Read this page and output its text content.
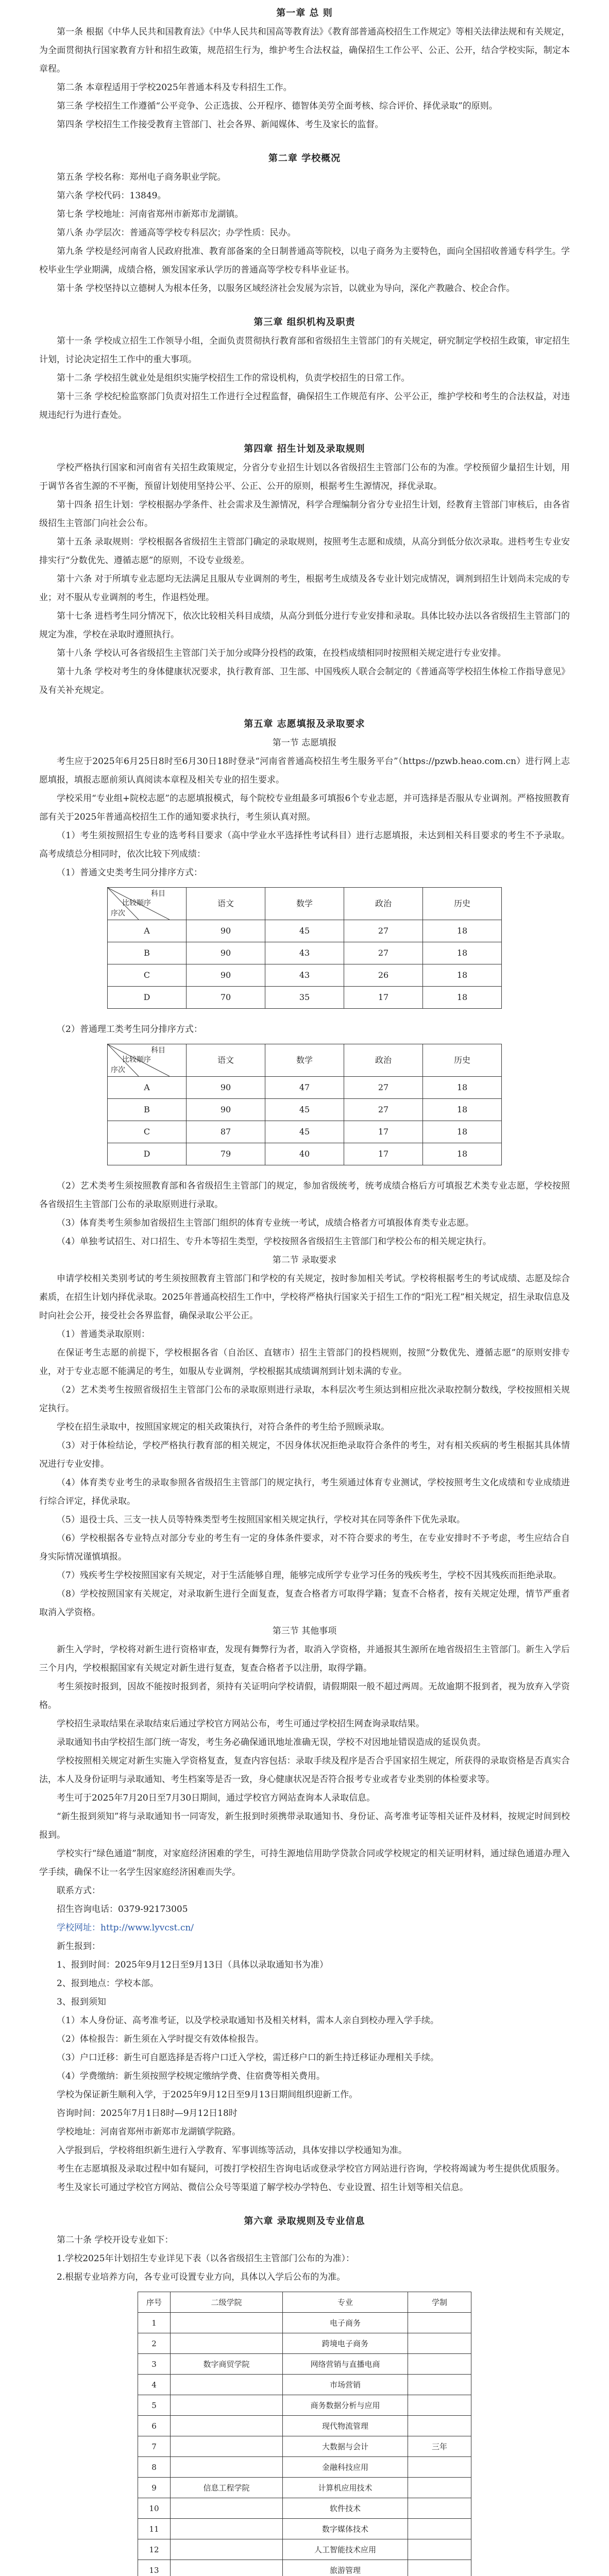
第一章 总 则

第一条 根据《中华人民共和国教育法》《中华人民共和国高等教育法》《教育部普通高校招生工作规定》等相关法律法规和有关规定，为全面贯彻执行国家教育方针和招生政策，规范招生行为，维护考生合法权益，确保招生工作公平、公正、公开，结合学校实际，制定本章程。

第二条 本章程适用于学校2025年普通本科及专科招生工作。

第三条 学校招生工作遵循“公平竞争、公正选拔、公开程序、德智体美劳全面考核、综合评价、择优录取”的原则。

第四条 学校招生工作接受教育主管部门、社会各界、新闻媒体、考生及家长的监督。

第二章 学校概况

第五条 学校名称：郑州电子商务职业学院。

第六条 学校代码：13849。

第七条 学校地址：河南省郑州市新郑市龙湖镇。

第八条 办学层次：普通高等学校专科层次；办学性质：民办。

第九条 学校是经河南省人民政府批准、教育部备案的全日制普通高等院校，以电子商务为主要特色，面向全国招收普通专科学生。学校毕业生学业期满，成绩合格，颁发国家承认学历的普通高等学校专科毕业证书。

第十条 学校坚持以立德树人为根本任务，以服务区域经济社会发展为宗旨，以就业为导向，深化产教融合、校企合作。

第三章 组织机构及职责

第十一条 学校成立招生工作领导小组，全面负责贯彻执行教育部和省级招生主管部门的有关规定，研究制定学校招生政策，审定招生计划，讨论决定招生工作中的重大事项。

第十二条 学校招生就业处是组织实施学校招生工作的常设机构，负责学校招生的日常工作。

第十三条 学校纪检监察部门负责对招生工作进行全过程监督，确保招生工作规范有序、公平公正，维护学校和考生的合法权益，对违规违纪行为进行查处。

第四章 招生计划及录取规则

学校严格执行国家和河南省有关招生政策规定，分省分专业招生计划以各省级招生主管部门公布的为准。学校预留少量招生计划，用于调节各省生源的不平衡，预留计划使用坚持公平、公正、公开的原则，根据考生生源情况，择优录取。

第十四条 招生计划：学校根据办学条件、社会需求及生源情况，科学合理编制分省分专业招生计划，经教育主管部门审核后，由各省级招生主管部门向社会公布。

第十五条 录取规则：学校根据各省级招生主管部门确定的录取规则，按照考生志愿和成绩，从高分到低分依次录取。进档考生专业安排实行“分数优先、遵循志愿”的原则，不设专业级差。

第十六条 对于所填专业志愿均无法满足且服从专业调剂的考生，根据考生成绩及各专业计划完成情况，调剂到招生计划尚未完成的专业；对不服从专业调剂的考生，作退档处理。

第十七条 进档考生同分情况下，依次比较相关科目成绩，从高分到低分进行专业安排和录取。具体比较办法以各省级招生主管部门的规定为准，学校在录取时遵照执行。

第十八条 学校认可各省级招生主管部门关于加分或降分投档的政策，在投档成绩相同时按照相关规定进行专业安排。

第十九条 学校对考生的身体健康状况要求，执行教育部、卫生部、中国残疾人联合会制定的《普通高等学校招生体检工作指导意见》及有关补充规定。

第五章 志愿填报及录取要求
第一节 志愿填报

考生应于2025年6月25日8时至6月30日18时登录“河南省普通高校招生考生服务平台”（https://pzwb.heao.com.cn）进行网上志愿填报，填报志愿前须认真阅读本章程及相关专业的招生要求。

学校采用“专业组+院校志愿”的志愿填报模式，每个院校专业组最多可填报6个专业志愿，并可选择是否服从专业调剂。严格按照教育部有关于2025年普通高校招生工作的通知要求执行，考生须认真对照。

（1）考生须按照招生专业的选考科目要求（高中学业水平选择性考试科目）进行志愿填报，未达到相关科目要求的考生不予录取。高考成绩总分相同时，依次比较下列成绩：

（1）普通文史类考生同分排序方式：

科目
比较顺序
序次	语文	数学	政治	历史
A	90	45	27	18
B	90	43	27	18
C	90	43	26	18
D	70	35	17	18

（2）普通理工类考生同分排序方式：

科目
比较顺序
序次	语文	数学	政治	历史
A	90	47	27	18
B	90	45	27	18
C	87	45	17	18
D	79	40	17	18

（2）艺术类考生须按照教育部和各省级招生主管部门的规定，参加省级统考，统考成绩合格后方可填报艺术类专业志愿，学校按照各省级招生主管部门公布的录取原则进行录取。

（3）体育类考生须参加省级招生主管部门组织的体育专业统一考试，成绩合格者方可填报体育类专业志愿。

（4）单独考试招生、对口招生、专升本等招生类型，学校按照各省级招生主管部门和学校公布的相关规定执行。

第二节 录取要求

申请学校相关类别考试的考生须按照教育主管部门和学校的有关规定，按时参加相关考试。学校将根据考生的考试成绩、志愿及综合素质，在招生计划内择优录取。2025年普通高校招生工作中，学校将严格执行国家关于招生工作的“阳光工程”相关规定，招生录取信息及时向社会公开，接受社会各界监督，确保录取公平公正。

（1）普通类录取原则：

在保证考生志愿的前提下，学校根据各省（自治区、直辖市）招生主管部门的投档规则，按照“分数优先、遵循志愿”的原则安排专业，对于专业志愿不能满足的考生，如服从专业调剂，学校根据其成绩调剂到计划未满的专业。

（2）艺术类考生按照省级招生主管部门公布的录取原则进行录取，本科层次考生须达到相应批次录取控制分数线，学校按照相关规定执行。

学校在招生录取中，按照国家规定的相关政策执行，对符合条件的考生给予照顾录取。

（3）对于体检结论，学校严格执行教育部的相关规定，不因身体状况拒绝录取符合条件的考生，对有相关疾病的考生根据其具体情况进行专业安排。

（4）体育类专业考生的录取参照各省级招生主管部门的规定执行，考生须通过体育专业测试，学校按照考生文化成绩和专业成绩进行综合评定，择优录取。

（5）退役士兵、三支一扶人员等特殊类型考生按照国家相关规定执行，学校对其在同等条件下优先录取。

（6）学校根据各专业特点对部分专业的考生有一定的身体条件要求，对不符合要求的考生，在专业安排时不予考虑，考生应结合自身实际情况谨慎填报。

（7）残疾考生学校按照国家有关规定，对于生活能够自理，能够完成所学专业学习任务的残疾考生，学校不因其残疾而拒绝录取。

（8）学校按照国家有关规定，对录取新生进行全面复查，复查合格者方可取得学籍；复查不合格者，按有关规定处理，情节严重者取消入学资格。

第三节 其他事项

新生入学时，学校将对新生进行资格审查，发现有舞弊行为者，取消入学资格，并通报其生源所在地省级招生主管部门。新生入学后三个月内，学校根据国家有关规定对新生进行复查，复查合格者予以注册，取得学籍。

考生须按时报到，因故不能按时报到者，须持有关证明向学校请假，请假期限一般不超过两周。无故逾期不报到者，视为放弃入学资格。

学校招生录取结果在录取结束后通过学校官方网站公布，考生可通过学校招生网查询录取结果。

录取通知书由学校招生部门统一寄发，考生务必确保通讯地址准确无误，学校不对因地址错误造成的延误负责。

学校按照相关规定对新生实施入学资格复查，复查内容包括：录取手续及程序是否合乎国家招生规定，所获得的录取资格是否真实合法，本人及身份证明与录取通知、考生档案等是否一致，身心健康状况是否符合报考专业或者专业类别的体检要求等。

考生可于2025年7月20日至7月30日期间，通过学校官方网站查询本人录取信息。

“新生报到须知”将与录取通知书一同寄发，新生报到时须携带录取通知书、身份证、高考准考证等相关证件及材料，按规定时间到校报到。

学校实行“绿色通道”制度，对家庭经济困难的学生，可持生源地信用助学贷款合同或学校规定的相关证明材料，通过绿色通道办理入学手续，确保不让一名学生因家庭经济困难而失学。

联系方式：

招生咨询电话：0379-92173005

学校网址：http://www.lyvcst.cn/

新生报到：

1、报到时间：2025年9月12日至9月13日（具体以录取通知书为准）

2、报到地点：学校本部。

3、报到须知

（1）本人身份证、高考准考证，以及学校录取通知书及相关材料，需本人亲自到校办理入学手续。

（2）体检报告：新生须在入学时提交有效体检报告。

（3）户口迁移：新生可自愿选择是否将户口迁入学校，需迁移户口的新生持迁移证办理相关手续。

（4）学费缴纳：新生须按照学校规定缴纳学费、住宿费等相关费用。

学校为保证新生顺利入学，于2025年9月12日至9月13日期间组织迎新工作。

咨询时间：2025年7月1日8时—9月12日18时

学校地址：河南省郑州市新郑市龙湖镇学院路。

入学报到后，学校将组织新生进行入学教育、军事训练等活动，具体安排以学校通知为准。

考生在志愿填报及录取过程中如有疑问，可拨打学校招生咨询电话或登录学校官方网站进行咨询，学校将竭诚为考生提供优质服务。

考生及家长可通过学校官方网站、微信公众号等渠道了解学校办学特色、专业设置、招生计划等相关信息。

第六章 录取规则及专业信息

第二十条 学校开设专业如下：

1.学校2025年计划招生专业详见下表（以各省级招生主管部门公布的为准）：

2.根据专业培养方向，各专业可设置专业方向，具体以入学后公布的为准。

序号	二级学院	专业	学制
1		电子商务	
2		跨境电子商务	
3	数字商贸学院	网络营销与直播电商	
4		市场营销	
5		商务数据分析与应用	
6		现代物流管理	
7		大数据与会计	三年
8		金融科技应用	
9	信息工程学院	计算机应用技术	
10		软件技术	
11		数字媒体技术	
12		人工智能技术应用	
13		旅游管理	
